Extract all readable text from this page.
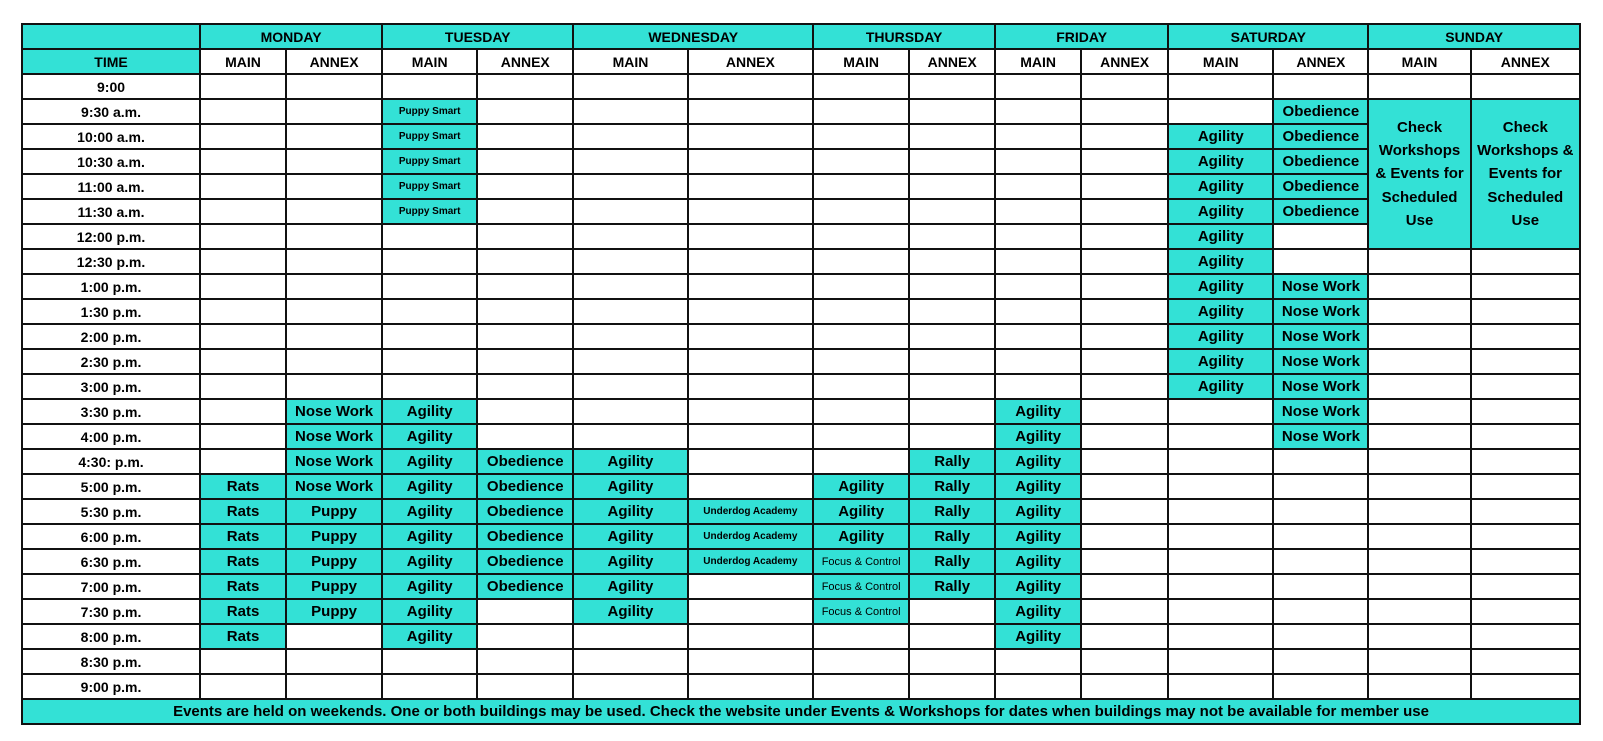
	MONDAY		TUESDAY		WEDNESDAY		THURSDAY		FRIDAY		SATURDAY		SUNDAY	
TIME	MAIN	ANNEX	MAIN	ANNEX	MAIN	ANNEX	MAIN	ANNEX	MAIN	ANNEX	MAIN	ANNEX	MAIN	ANNEX
9:00														
9:30 a.m.			Puppy Smart									Obedience	Check Workshops & Events for Scheduled Use	Check Workshops & Events for Scheduled Use
10:00 a.m.			Puppy Smart								Agility	Obedience		
10:30 a.m.			Puppy Smart								Agility	Obedience		
11:00 a.m.			Puppy Smart								Agility	Obedience		
11:30 a.m.			Puppy Smart								Agility	Obedience		
12:00 p.m.											Agility			
12:30 p.m.											Agility			
1:00 p.m.											Agility	Nose Work		
1:30 p.m.											Agility	Nose Work		
2:00 p.m.											Agility	Nose Work		
2:30 p.m.											Agility	Nose Work		
3:00 p.m.											Agility	Nose Work		
3:30 p.m.		Nose Work	Agility						Agility			Nose Work		
4:00 p.m.		Nose Work	Agility						Agility			Nose Work		
4:30: p.m.		Nose Work	Agility	Obedience	Agility			Rally	Agility					
5:00 p.m.	Rats	Nose Work	Agility	Obedience	Agility		Agility	Rally	Agility					
5:30 p.m.	Rats	Puppy	Agility	Obedience	Agility	Underdog Academy	Agility	Rally	Agility					
6:00 p.m.	Rats	Puppy	Agility	Obedience	Agility	Underdog Academy	Agility	Rally	Agility					
6:30 p.m.	Rats	Puppy	Agility	Obedience	Agility	Underdog Academy	Focus & Control	Rally	Agility					
7:00 p.m.	Rats	Puppy	Agility	Obedience	Agility		Focus & Control	Rally	Agility					
7:30 p.m.	Rats	Puppy	Agility		Agility		Focus & Control		Agility					
8:00 p.m.	Rats		Agility						Agility					
8:30 p.m.														
9:00 p.m.														
Events are held on weekends. One or both buildings may be used. Check the website under Events & Workshops for dates when buildings may not be available for member use														
